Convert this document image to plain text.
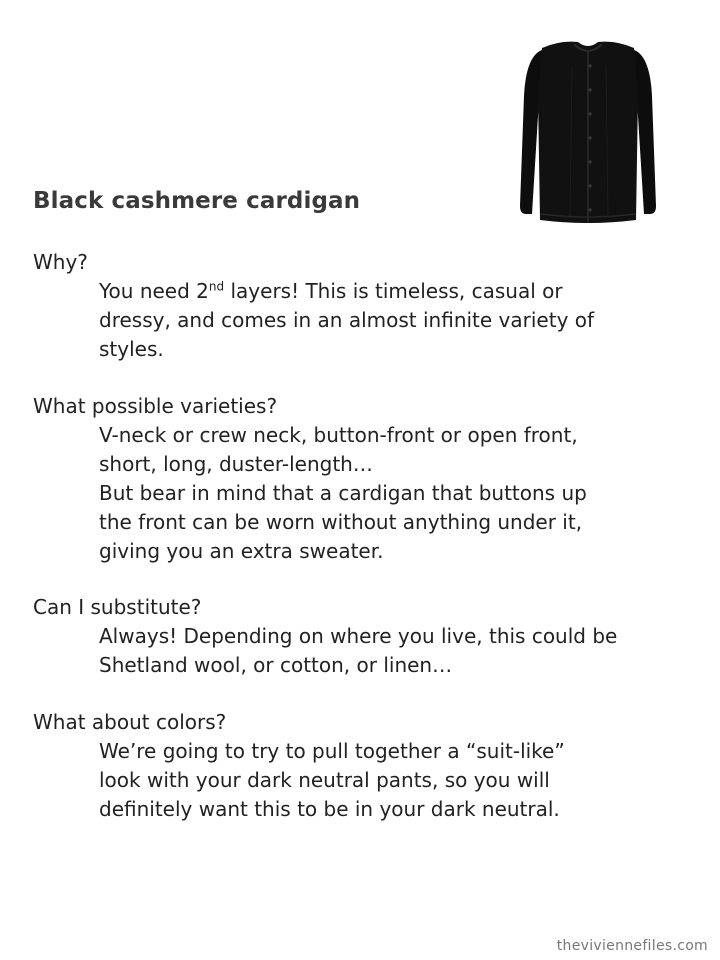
Black cashmere cardigan
Why?
You need 2nd layers! This is timeless, casual or
dressy, and comes in an almost infinite variety of
styles.
What possible varieties?
V-neck or crew neck, button-front or open front,
short, long, duster-length…
But bear in mind that a cardigan that buttons up
the front can be worn without anything under it,
giving you an extra sweater.
Can I substitute?
Always! Depending on where you live, this could be
Shetland wool, or cotton, or linen…
What about colors?
We’re going to try to pull together a “suit-like”
look with your dark neutral pants, so you will
definitely want this to be in your dark neutral.
theviviennefiles.com
